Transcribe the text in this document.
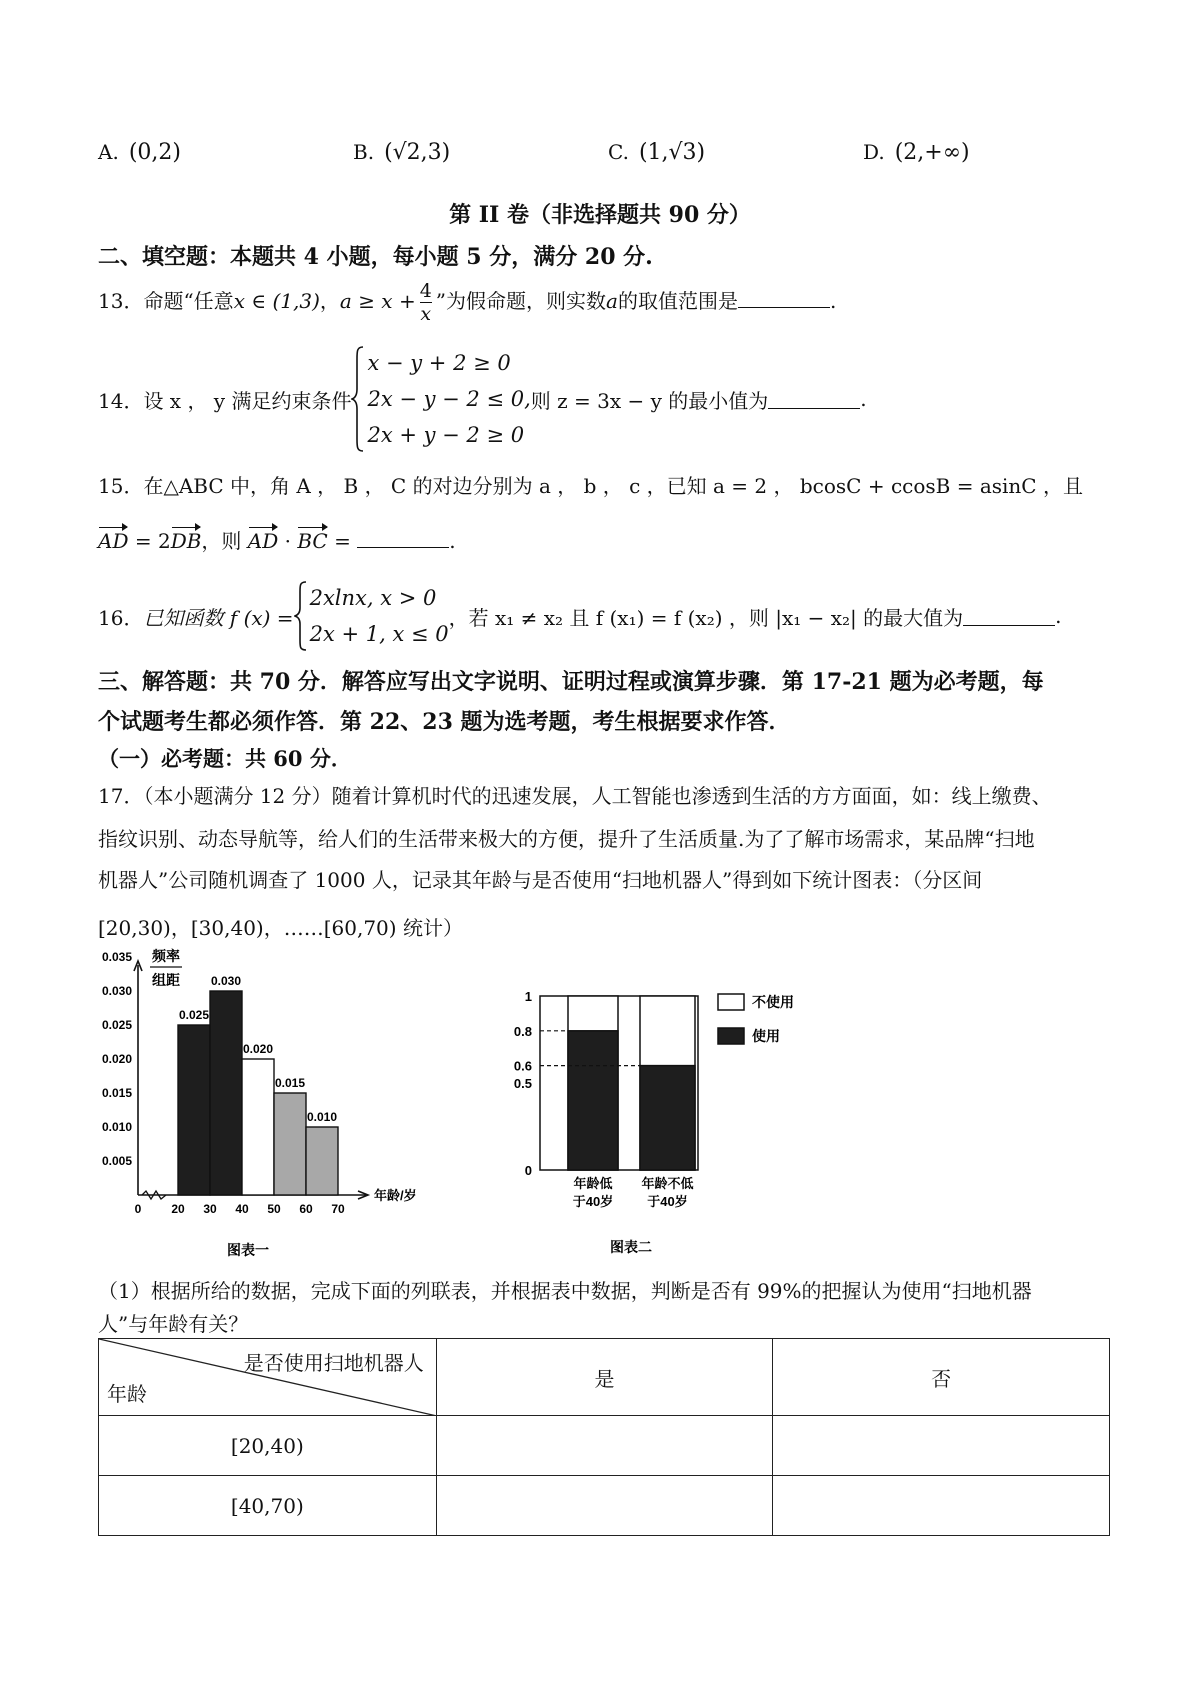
A. (0,2)	B. (√2,3)	C. (1,√3)	D. (2,+∞)
第 II 卷（非选择题共 90 分）
二、填空题：本题共 4 小题，每小题 5 分，满分 20 分.
13．命题“任意x ∈ (1,3)，$a \ge x + \frac{4}{x}$ ”为假命题，则实数a的取值范围是	.
14． 设 x ， y 满足约束条件
x − y + 2 ≥ 0
2x − y − 2 ≤ 0,
2x + y − 2 ≥ 0
则 z = 3x − y 的最小值为	.
15．在△ABC 中，角 A ， B ， C 的对边分别为 a ， b ， c ，已知 a = 2 ， bcosC + ccosB = asinC ，且
AD = 2DB，则 AD · BC =	.
16． 已知函数 f (x) =
2xlnx, x > 0
2x + 1, x ≤ 0
，若 x₁ ≠ x₂ 且 f (x₁) = f (x₂) ，则 |x₁ − x₂| 的最大值为	.
三、解答题：共 70 分．解答应写出文字说明、证明过程或演算步骤．第 17-21 题为必考题，每
个试题考生都必须作答．第 22、23 题为选考题，考生根据要求作答．
（一）必考题：共 60 分．
17．（本小题满分 12 分）随着计算机时代的迅速发展，人工智能也渗透到生活的方方面面，如：线上缴费、
指纹识别、动态导航等，给人们的生活带来极大的方便，提升了生活质量.为了了解市场需求，某品牌“扫地
机器人”公司随机调查了 1000 人，记录其年龄与是否使用“扫地机器人”得到如下统计图表：（分区间
[20,30)，[30,40)，……[60,70) 统计）
频率
组距
0.005
0.010
0.015
0.020
0.025
0.030
0.035
0.025
0.030
0.020
0.015
0.010
0 20 30 40 50 60 70
年龄/岁
图表一
年龄低
于40岁
年龄不低
于40岁
0
0.5
0.6
0.8
1	不使用
使用
图表二
（1）根据所给的数据，完成下面的列联表，并根据表中数据，判断是否有 99%的把握认为使用“扫地机器
人”与年龄有关？
是否使用扫地机器人
年龄	是	否
[20,40)		
[40,70)		
